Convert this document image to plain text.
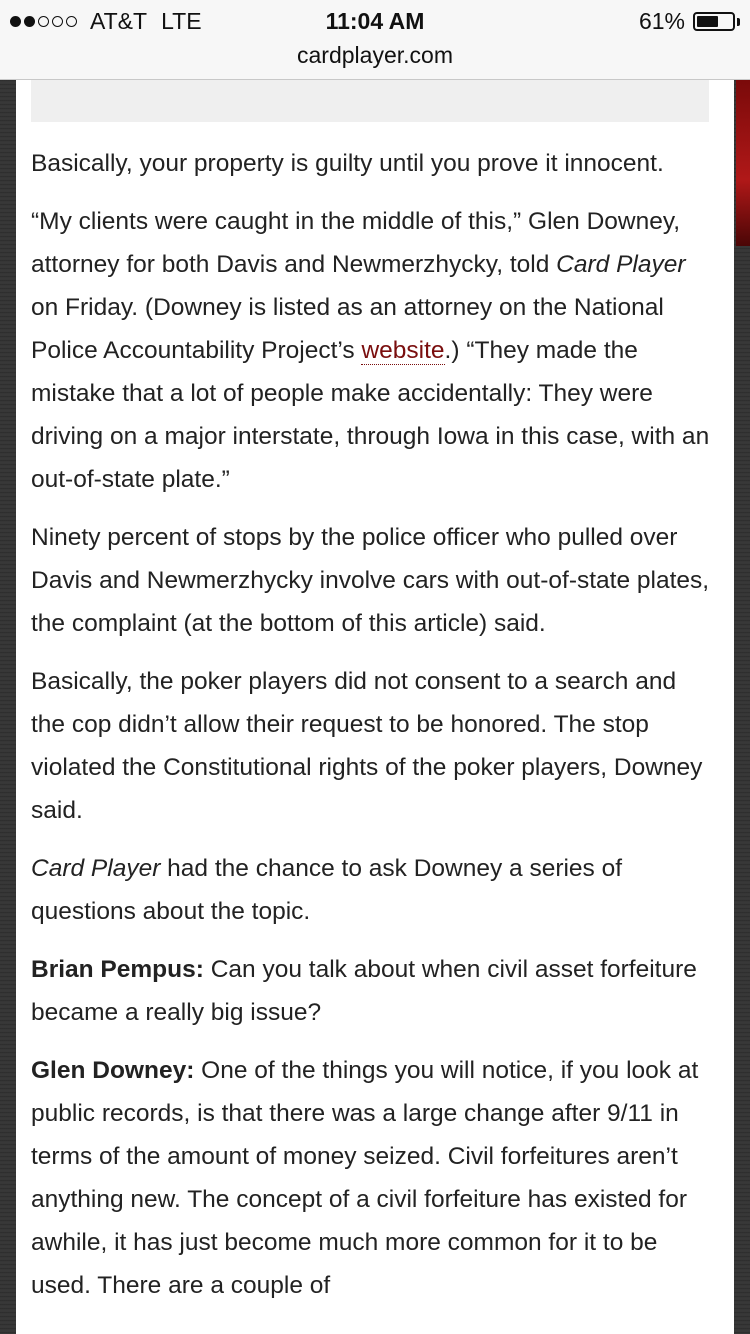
AT&T LTE	11:04 AM	61%
cardplayer.com

Basically, your property is guilty until you prove it innocent.

“My clients were caught in the middle of this,” Glen Downey, attorney for both Davis and Newmerzhycky, told Card Player on Friday. (Downey is listed as an attorney on the National Police Accountability Project’s website.) “They made the mistake that a lot of people make accidentally: They were driving on a major interstate, through Iowa in this case, with an out-of-state plate.”

Ninety percent of stops by the police officer who pulled over Davis and Newmerzhycky involve cars with out-of-state plates, the complaint (at the bottom of this article) said.

Basically, the poker players did not consent to a search and the cop didn’t allow their request to be honored. The stop violated the Constitutional rights of the poker players, Downey said.

Card Player had the chance to ask Downey a series of questions about the topic.

Brian Pempus: Can you talk about when civil asset forfeiture became a really big issue?

Glen Downey: One of the things you will notice, if you look at public records, is that there was a large change after 9/11 in terms of the amount of money seized. Civil forfeitures aren’t anything new. The concept of a civil forfeiture has existed for awhile, it has just become much more common for it to be used. There are a couple of
